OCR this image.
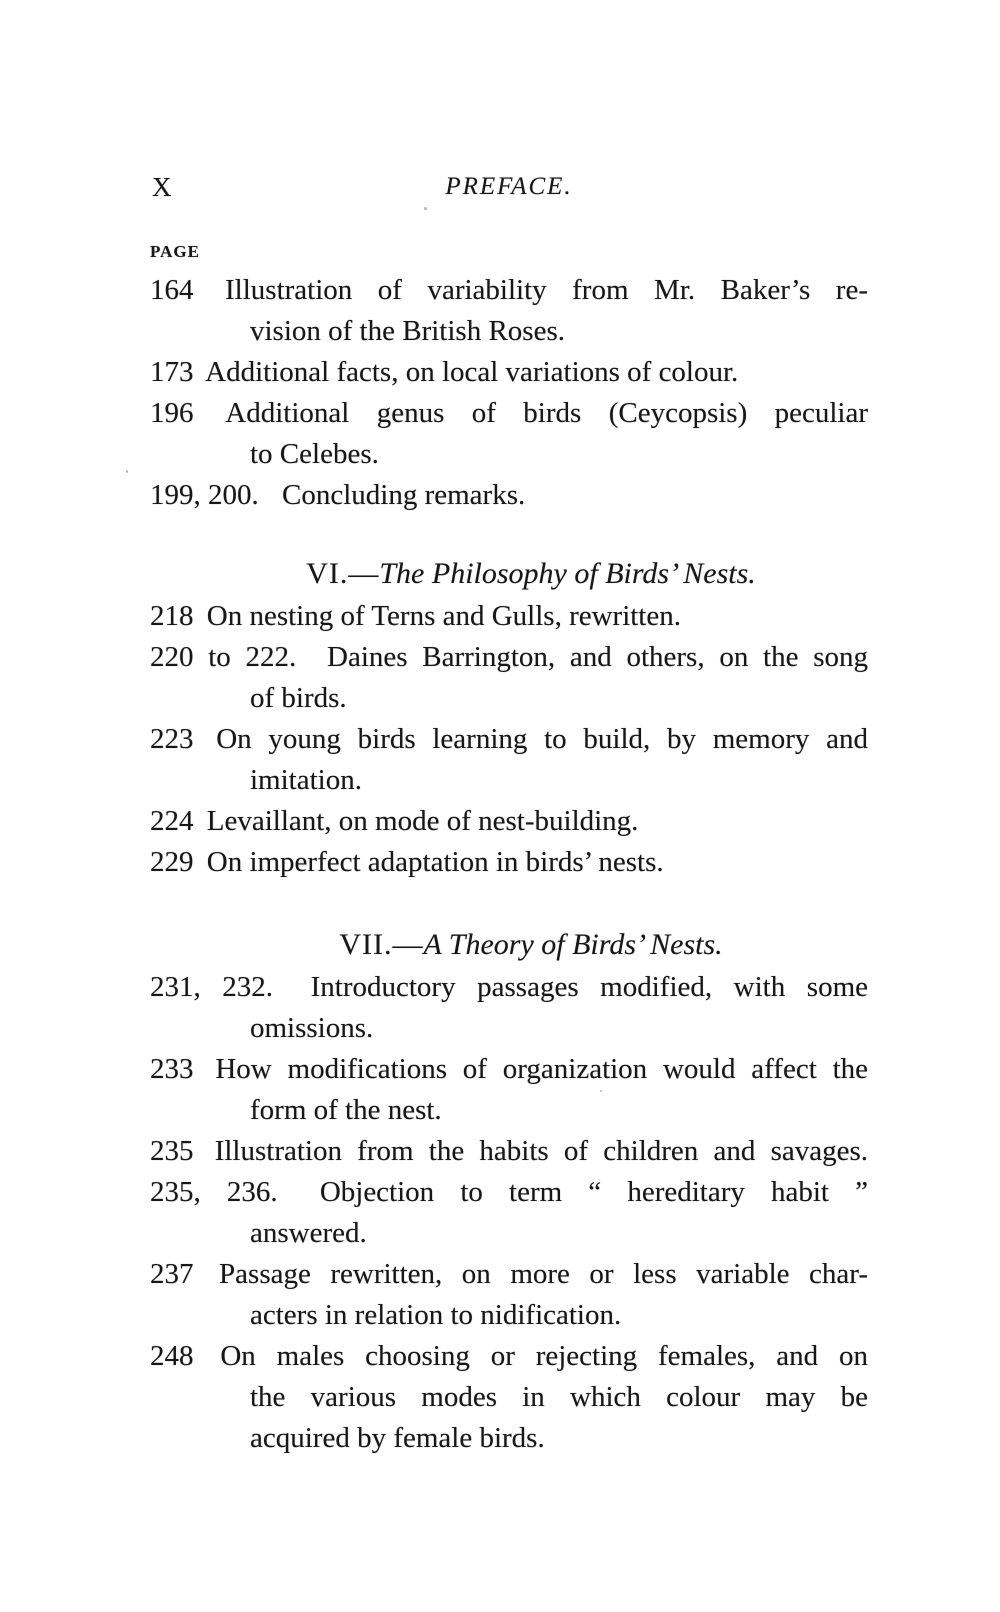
X	PREFACE.
PAGE
164 Illustration of variability from Mr. Baker’s re-
vision of the British Roses.
173 Additional facts, on local variations of colour.
196 Additional genus of birds (Ceycopsis) peculiar
to Celebes.
199, 200. Concluding remarks.
VI.—The Philosophy of Birds’ Nests.
218 On nesting of Terns and Gulls, rewritten.
220 to 222. Daines Barrington, and others, on the song
of birds.
223 On young birds learning to build, by memory and
imitation.
224 Levaillant, on mode of nest-building.
229 On imperfect adaptation in birds’ nests.
VII.—A Theory of Birds’ Nests.
231, 232. Introductory passages modified, with some
omissions.
233 How modifications of organization would affect the
form of the nest.
235 Illustration from the habits of children and savages.
235, 236. Objection to term “ hereditary habit ”
answered.
237 Passage rewritten, on more or less variable char-
acters in relation to nidification.
248 On males choosing or rejecting females, and on
the various modes in which colour may be
acquired by female birds.
